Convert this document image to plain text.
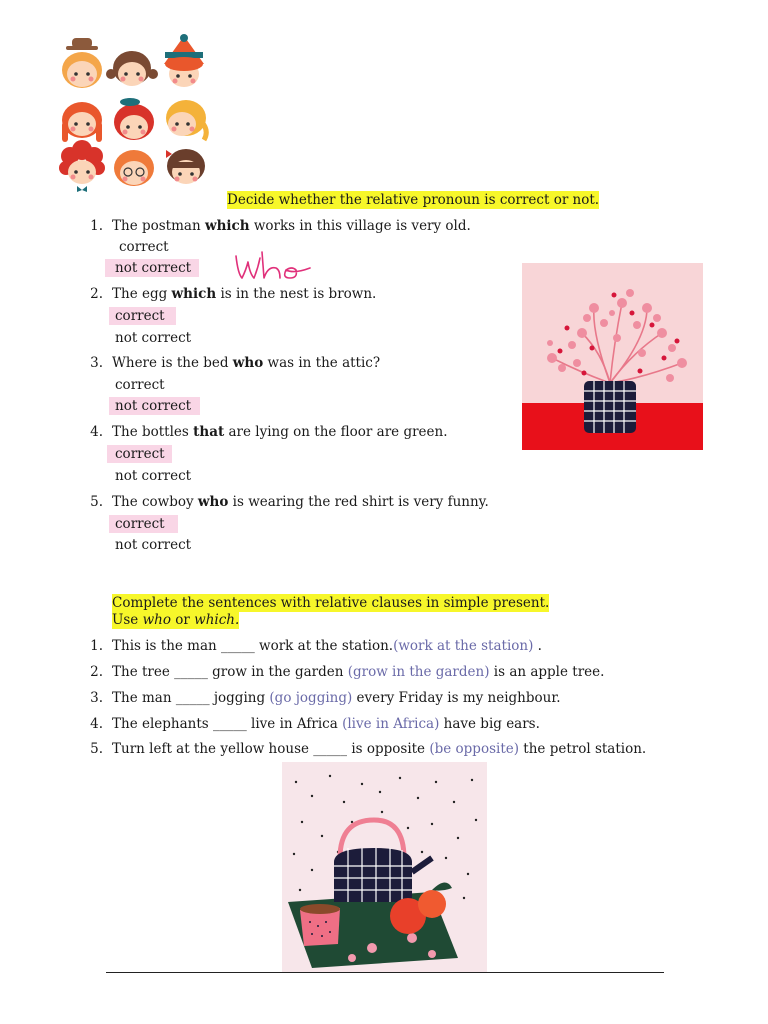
Decide whether the relative pronoun is correct or not.
1. The postman which works in this village is very old.
correct
not correct
2. The egg which is in the nest is brown.
correct
not correct
3. Where is the bed who was in the attic?
correct
not correct
4. The bottles that are lying on the floor are green.
correct
not correct
5. The cowboy who is wearing the red shirt is very funny.
correct
not correct
Complete the sentences with relative clauses in simple present.
Use who or which.
1. This is the man _____ work at the station.(work at the station) .
2. The tree _____ grow in the garden (grow in the garden) is an apple tree.
3. The man _____ jogging (go jogging) every Friday is my neighbour.
4. The elephants _____ live in Africa (live in Africa) have big ears.
5. Turn left at the yellow house _____ is opposite (be opposite) the petrol station.
